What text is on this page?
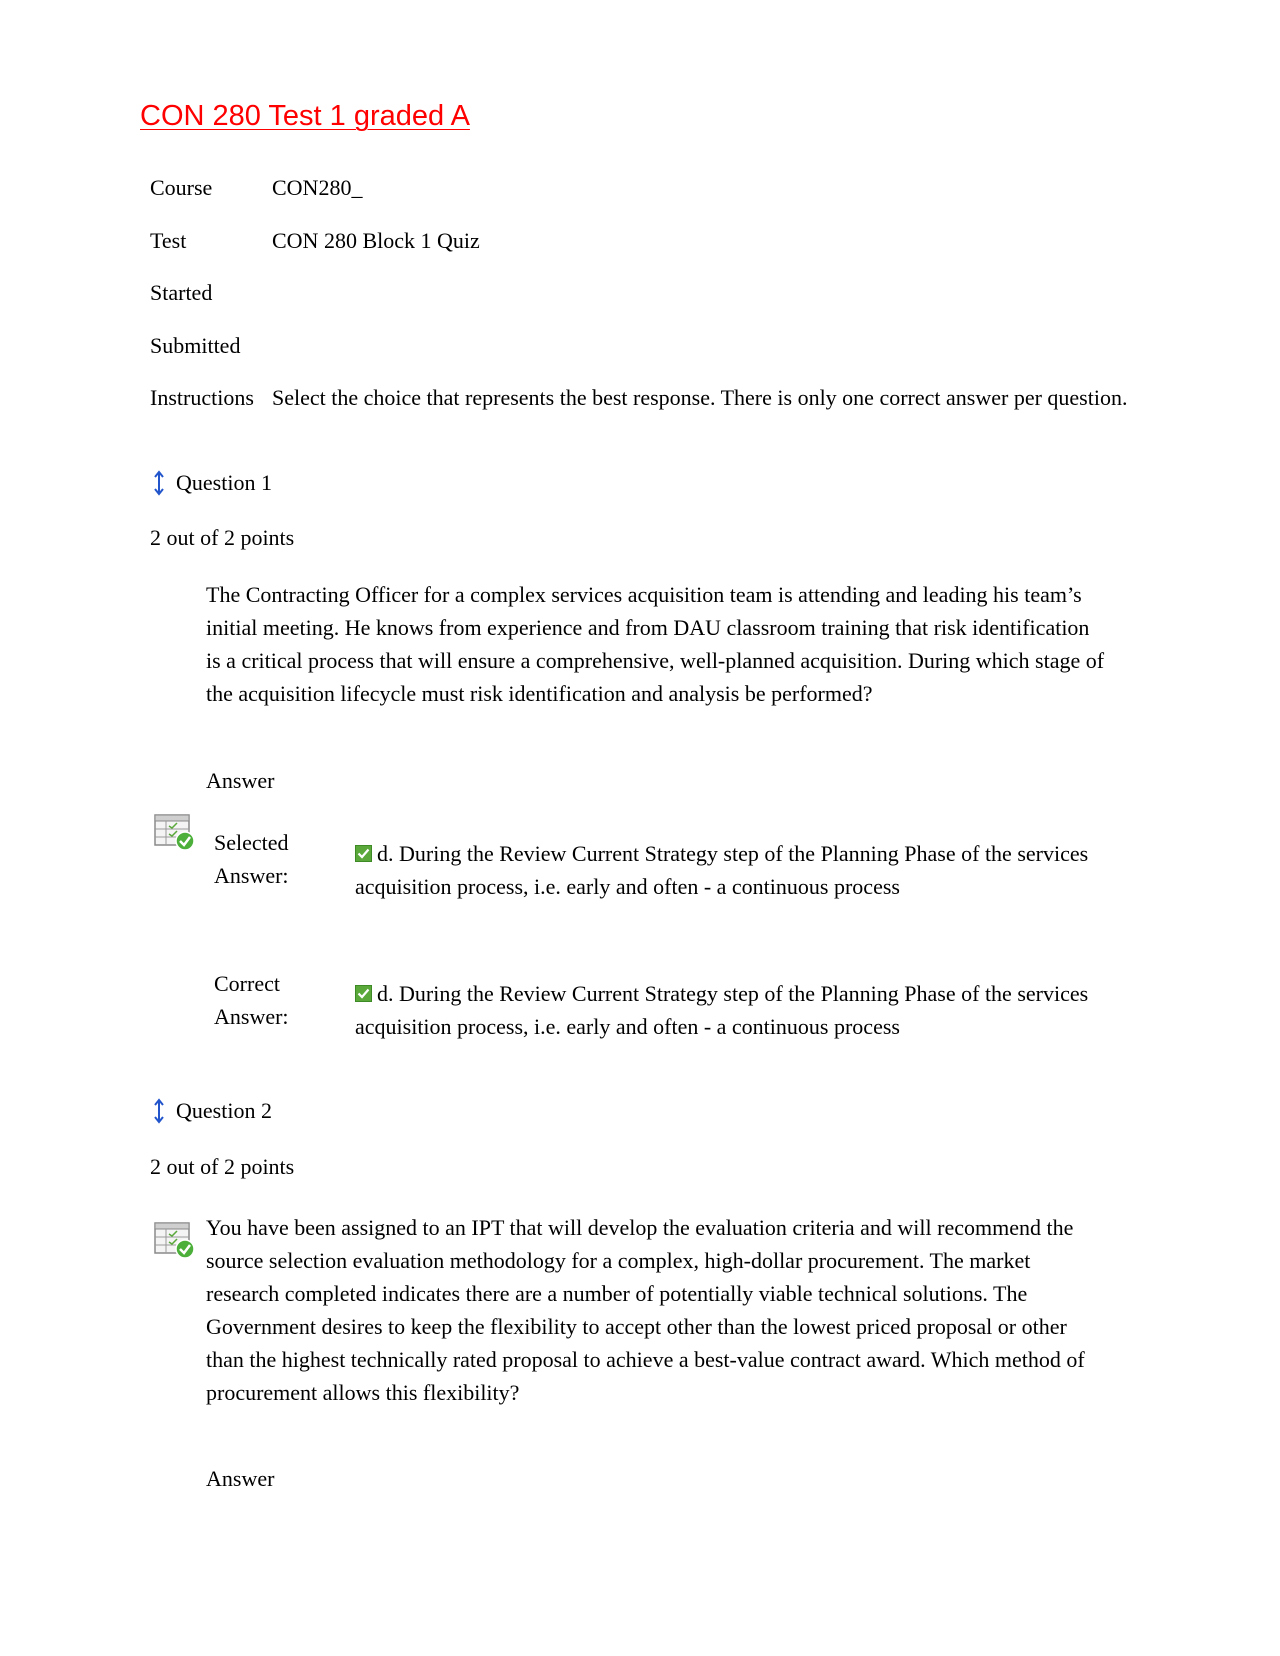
CON 280 Test 1 graded A
Course	CON280_
Test	CON 280 Block 1 Quiz
Started
Submitted
Instructions Select the choice that represents the best response. There is only one correct answer per question.
Question 1
2 out of 2 points
The Contracting Officer for a complex services acquisition team is attending and leading his team’s initial meeting. He knows from experience and from DAU classroom training that risk identification is a critical process that will ensure a comprehensive, well-planned acquisition. During which stage of the acquisition lifecycle must risk identification and analysis be performed?
Answer
Selected Answer:
d. During the Review Current Strategy step of the Planning Phase of the services acquisition process, i.e. early and often - a continuous process
Correct Answer:
d. During the Review Current Strategy step of the Planning Phase of the services acquisition process, i.e. early and often - a continuous process
Question 2
2 out of 2 points
You have been assigned to an IPT that will develop the evaluation criteria and will recommend the source selection evaluation methodology for a complex, high-dollar procurement. The market research completed indicates there are a number of potentially viable technical solutions. The Government desires to keep the flexibility to accept other than the lowest priced proposal or other than the highest technically rated proposal to achieve a best-value contract award. Which method of procurement allows this flexibility?
Answer
